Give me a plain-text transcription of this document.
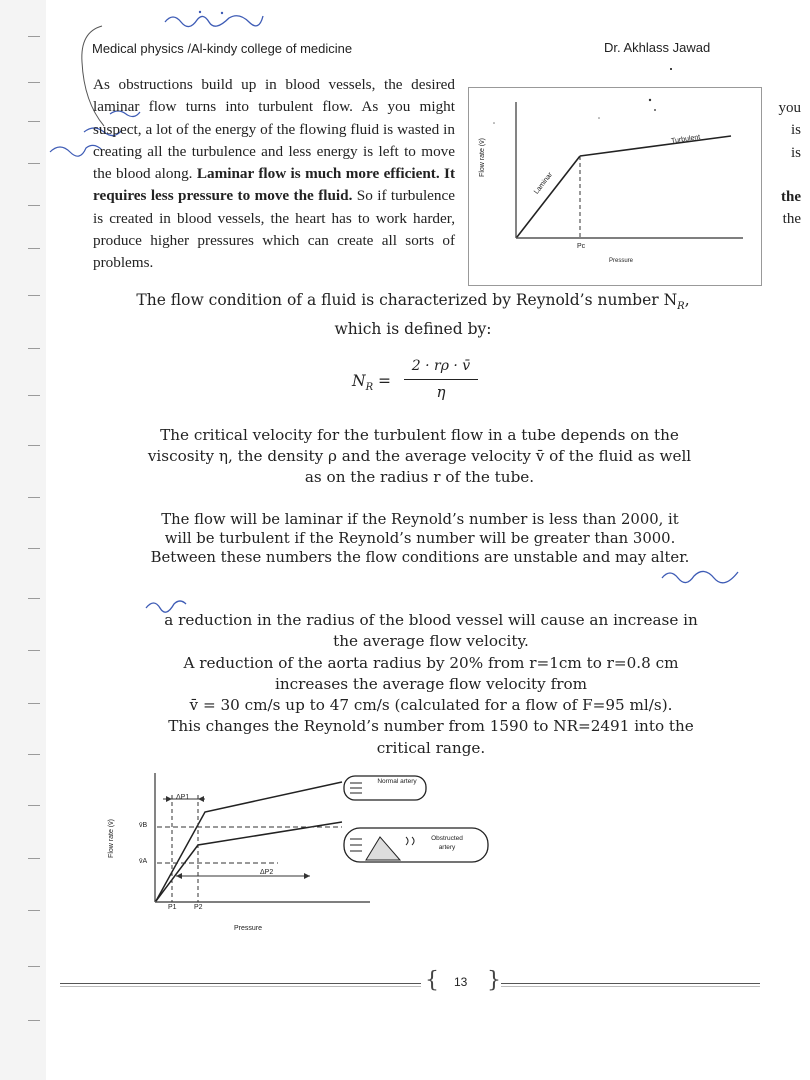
Medical physics /Al-kindy college of medicine	Dr. Akhlass Jawad
As obstructions build up in blood vessels, the desired laminar flow turns into turbulent flow. As you might suspect, a lot of the energy of the flowing fluid is wasted in creating all the turbulence and less energy is left to move the blood along. Laminar flow is much more efficient. It requires less pressure to move the fluid. So if turbulence is created in blood vessels, the heart has to work harder, produce higher pressures which can create all sorts of problems.
you
is
is
the
the
Flow rate (v̄)
Laminar
Turbulent
Pc
Pressure
The flow condition of a fluid is characterized by Reynold’s number $N_R$,
which is defined by:
$N_R$ =
2 · rρ · v̄
η
The critical velocity for the turbulent flow in a tube depends on the
viscosity η, the density ρ and the average velocity v̄ of the fluid as well
as on the radius r of the tube.
The flow will be laminar if the Reynold’s number is less than 2000, it
will be turbulent if the Reynold’s number will be greater than 3000.
Between these numbers the flow conditions are unstable and may alter.
a reduction in the radius of the blood vessel will cause an increase in
the average flow velocity.
A reduction of the aorta radius by 20% from r=1cm to r=0.8 cm
increases the average flow velocity from
v̄ = 30 cm/s up to 47 cm/s (calculated for a flow of F=95 ml/s).
This changes the Reynold’s number from 1590 to NR=2491 into the
critical range.
Flow rate (v̄)
ΔP1
ΔP2
v̄B
v̄A
P1 P2
Pressure
Normal artery
Obstructed artery
{ 13 }
